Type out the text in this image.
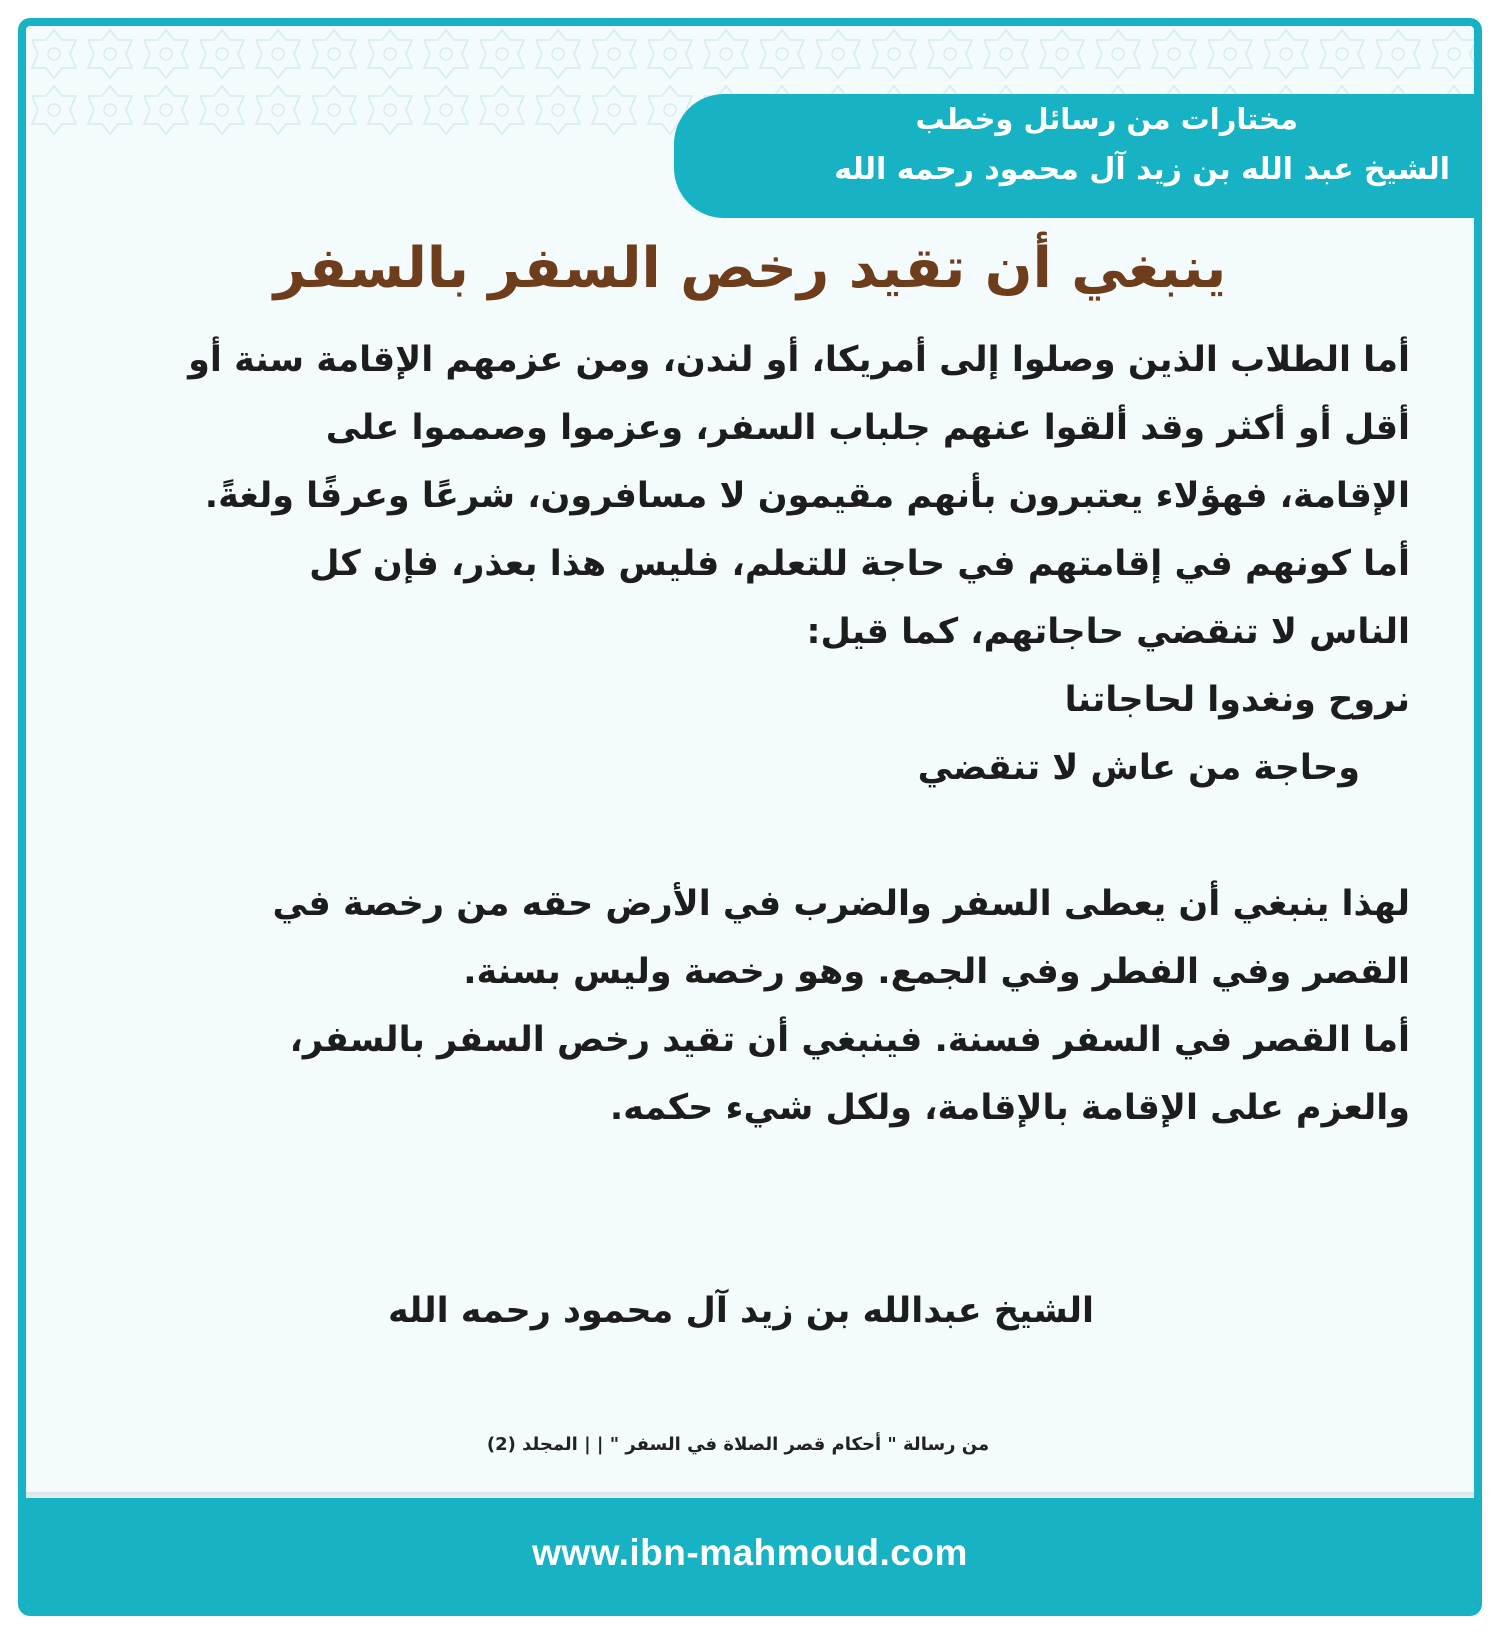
مختارات من رسائل وخطب
الشيخ عبد الله بن زيد آل محمود رحمه الله
ينبغي أن تقيد رخص السفر بالسفر
أما الطلاب الذين وصلوا إلى أمريكا، أو لندن، ومن عزمهم الإقامة سنة أو
أقل أو أكثر وقد ألقوا عنهم جلباب السفر، وعزموا وصمموا على
الإقامة، فهؤلاء يعتبرون بأنهم مقيمون لا مسافرون، شرعًا وعرفًا ولغةً.
أما كونهم في إقامتهم في حاجة للتعلم، فليس هذا بعذر، فإن كل
الناس لا تنقضي حاجاتهم، كما قيل:
نروح ونغدوا لحاجاتنا
وحاجة من عاش لا تنقضي
لهذا ينبغي أن يعطى السفر والضرب في الأرض حقه من رخصة في
القصر وفي الفطر وفي الجمع. وهو رخصة وليس بسنة.
أما القصر في السفر فسنة. فينبغي أن تقيد رخص السفر بالسفر،
والعزم على الإقامة بالإقامة، ولكل شيء حكمه.
الشيخ عبدالله بن زيد آل محمود رحمه الله
من رسالة " أحكام قصر الصلاة في السفر " | | المجلد (2)
www.ibn-mahmoud.com
